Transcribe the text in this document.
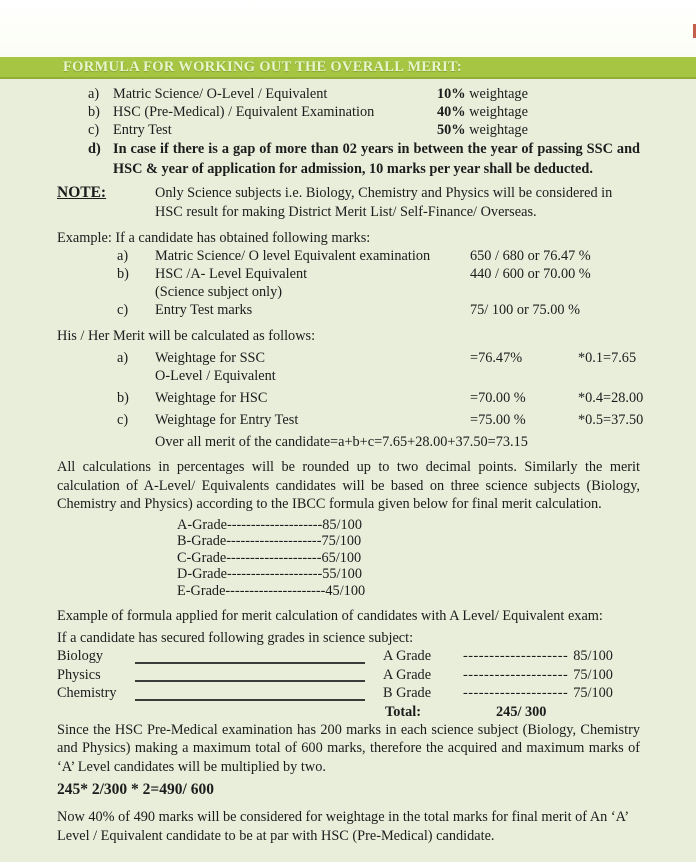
FORMULA FOR WORKING OUT THE OVERALL MERIT:
a) Matric Science/ O-Level / Equivalent	10% weightage
b) HSC (Pre-Medical) / Equivalent Examination	40% weightage
c) Entry Test	50% weightage
d) In case if there is a gap of more than 02 years in between the year of passing SSC and HSC & year of application for admission, 10 marks per year shall be deducted.
NOTE:	Only Science subjects i.e. Biology, Chemistry and Physics will be considered in HSC result for making District Merit List/ Self-Finance/ Overseas.
Example: If a candidate has obtained following marks:
a)	Matric Science/ O level Equivalent examination	650 / 680 or 76.47 %
b)	HSC /A- Level Equivalent	440 / 600 or 70.00 %
(Science subject only)
c)	Entry Test marks	75/ 100 or 75.00 %
His / Her Merit will be calculated as follows:
a)	Weightage for SSC	=76.47%	*0.1=7.65
O-Level / Equivalent
b)	Weightage for HSC	=70.00 %	*0.4=28.00
c)	Weightage for Entry Test	=75.00 %	*0.5=37.50
Over all merit of the candidate=a+b+c=7.65+28.00+37.50=73.15
All calculations in percentages will be rounded up to two decimal points. Similarly the merit calculation of A-Level/ Equivalents candidates will be based on three science subjects (Biology, Chemistry and Physics) according to the IBCC formula given below for final merit calculation.
A-Grade--------------------85/100
B-Grade--------------------75/100
C-Grade--------------------65/100
D-Grade--------------------55/100
E-Grade---------------------45/100
Example of formula applied for merit calculation of candidates with A Level/ Equivalent exam:
If a candidate has secured following grades in science subject:
Biology	A Grade	-------------------- 85/100
Physics	A Grade	-------------------- 75/100
Chemistry	B Grade	-------------------- 75/100
Total:	245/ 300
Since the HSC Pre-Medical examination has 200 marks in each science subject (Biology, Chemistry and Physics) making a maximum total of 600 marks, therefore the acquired and maximum marks of ‘A’ Level candidates will be multiplied by two.
245* 2/300 * 2=490/ 600
Now 40% of 490 marks will be considered for weightage in the total marks for final merit of An ‘A’ Level / Equivalent candidate to be at par with HSC (Pre-Medical) candidate.
